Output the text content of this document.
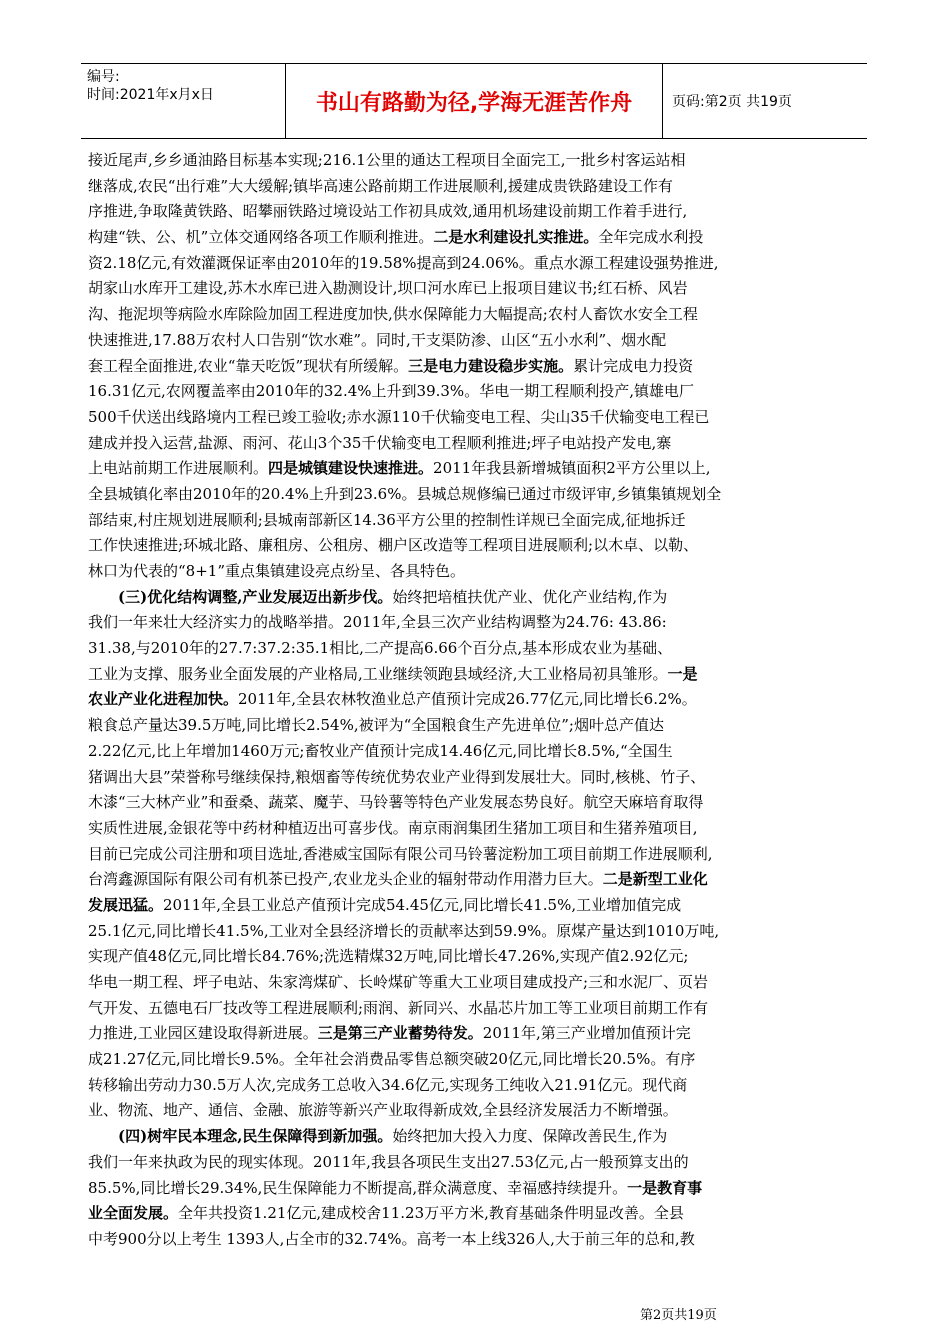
编号:
时间:2021年x月x日	书山有路勤为径,学海无涯苦作舟	页码:第2页 共19页
接近尾声,乡乡通油路目标基本实现;216.1公里的通达工程项目全面完工,一批乡村客运站相
继落成,农民“出行难”大大缓解;镇毕高速公路前期工作进展顺利,援建成贵铁路建设工作有
序推进,争取隆黄铁路、昭攀丽铁路过境设站工作初具成效,通用机场建设前期工作着手进行,
构建“铁、公、机”立体交通网络各项工作顺利推进。二是水利建设扎实推进。全年完成水利投
资2.18亿元,有效灌溉保证率由2010年的19.58%提高到24.06%。重点水源工程建设强势推进,
胡家山水库开工建设,苏木水库已进入勘测设计,坝口河水库已上报项目建议书;红石桥、风岩
沟、拖泥坝等病险水库除险加固工程进度加快,供水保障能力大幅提高;农村人畜饮水安全工程
快速推进,17.88万农村人口告别“饮水难”。同时,干支渠防渗、山区“五小水利”、烟水配
套工程全面推进,农业“靠天吃饭”现状有所缓解。三是电力建设稳步实施。累计完成电力投资
16.31亿元,农网覆盖率由2010年的32.4%上升到39.3%。华电一期工程顺利投产,镇雄电厂
500千伏送出线路境内工程已竣工验收;赤水源110千伏输变电工程、尖山35千伏输变电工程已
建成并投入运营,盐源、雨河、花山3个35千伏输变电工程顺利推进;坪子电站投产发电,寨
上电站前期工作进展顺利。四是城镇建设快速推进。2011年我县新增城镇面积2平方公里以上,
全县城镇化率由2010年的20.4%上升到23.6%。县城总规修编已通过市级评审,乡镇集镇规划全
部结束,村庄规划进展顺利;县城南部新区14.36平方公里的控制性详规已全面完成,征地拆迁
工作快速推进;环城北路、廉租房、公租房、棚户区改造等工程项目进展顺利;以木卓、以勒、
林口为代表的“8+1”重点集镇建设亮点纷呈、各具特色。
(三)优化结构调整,产业发展迈出新步伐。始终把培植扶优产业、优化产业结构,作为
我们一年来壮大经济实力的战略举措。2011年,全县三次产业结构调整为24.76: 43.86:
31.38,与2010年的27.7:37.2:35.1相比,二产提高6.66个百分点,基本形成农业为基础、
工业为支撑、服务业全面发展的产业格局,工业继续领跑县域经济,大工业格局初具雏形。一是
农业产业化进程加快。2011年,全县农林牧渔业总产值预计完成26.77亿元,同比增长6.2%。
粮食总产量达39.5万吨,同比增长2.54%,被评为“全国粮食生产先进单位”;烟叶总产值达
2.22亿元,比上年增加1460万元;畜牧业产值预计完成14.46亿元,同比增长8.5%,“全国生
猪调出大县”荣誉称号继续保持,粮烟畜等传统优势农业产业得到发展壮大。同时,核桃、竹子、
木漆“三大林产业”和蚕桑、蔬菜、魔芋、马铃薯等特色产业发展态势良好。航空天麻培育取得
实质性进展,金银花等中药材种植迈出可喜步伐。南京雨润集团生猪加工项目和生猪养殖项目,
目前已完成公司注册和项目选址,香港威宝国际有限公司马铃薯淀粉加工项目前期工作进展顺利,
台湾鑫源国际有限公司有机茶已投产,农业龙头企业的辐射带动作用潜力巨大。二是新型工业化
发展迅猛。2011年,全县工业总产值预计完成54.45亿元,同比增长41.5%,工业增加值完成
25.1亿元,同比增长41.5%,工业对全县经济增长的贡献率达到59.9%。原煤产量达到1010万吨,
实现产值48亿元,同比增长84.76%;洗选精煤32万吨,同比增长47.26%,实现产值2.92亿元;
华电一期工程、坪子电站、朱家湾煤矿、长岭煤矿等重大工业项目建成投产;三和水泥厂、页岩
气开发、五德电石厂技改等工程进展顺利;雨润、新同兴、水晶芯片加工等工业项目前期工作有
力推进,工业园区建设取得新进展。三是第三产业蓄势待发。2011年,第三产业增加值预计完
成21.27亿元,同比增长9.5%。全年社会消费品零售总额突破20亿元,同比增长20.5%。有序
转移输出劳动力30.5万人次,完成务工总收入34.6亿元,实现务工纯收入21.91亿元。现代商
业、物流、地产、通信、金融、旅游等新兴产业取得新成效,全县经济发展活力不断增强。
(四)树牢民本理念,民生保障得到新加强。始终把加大投入力度、保障改善民生,作为
我们一年来执政为民的现实体现。2011年,我县各项民生支出27.53亿元,占一般预算支出的
85.5%,同比增长29.34%,民生保障能力不断提高,群众满意度、幸福感持续提升。一是教育事
业全面发展。全年共投资1.21亿元,建成校舍11.23万平方米,教育基础条件明显改善。全县
中考900分以上考生 1393人,占全市的32.74%。高考一本上线326人,大于前三年的总和,教
第2页共19页
